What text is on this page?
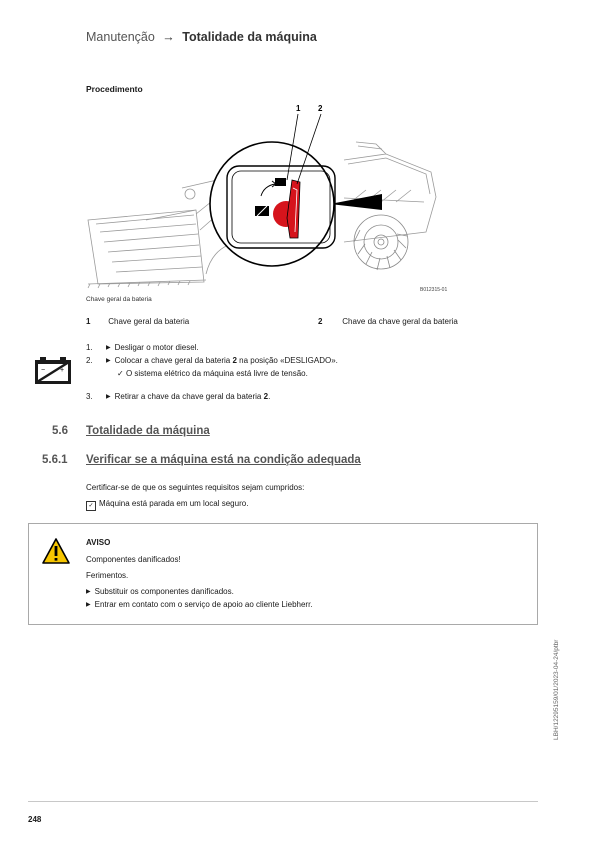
Manutenção → Totalidade da máquina
Procedimento
1 2
B012315-01
Chave geral da bateria
1 Chave geral da bateria	2 Chave da chave geral da bateria
− +
1. ▶ Desligar o motor diesel.
2. ▶ Colocar a chave geral da bateria 2 na posição «DESLIGADO».
✓ O sistema elétrico da máquina está livre de tensão.
3. ▶ Retirar a chave da chave geral da bateria 2.
5.6 Totalidade da máquina
5.6.1 Verificar se a máquina está na condição adequada
Certificar-se de que os seguintes requisitos sejam cumpridos:
✓ Máquina está parada em um local seguro.
AVISO
Componentes danificados!
Ferimentos.
▶ Substituir os componentes danificados.
▶ Entrar em contato com o serviço de apoio ao cliente Liebherr.
LBH/12295159/01/2023-04-24/ptbr
248
